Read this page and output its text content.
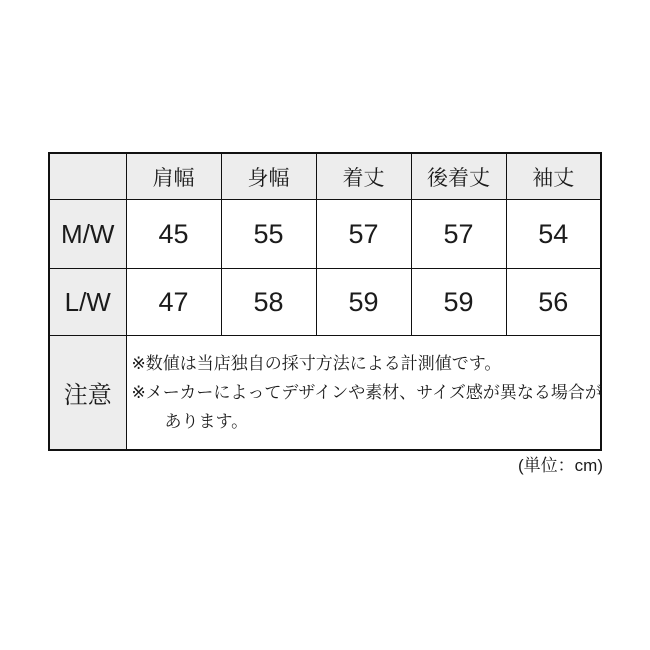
	肩幅	身幅	着丈	後着丈	袖丈
M/W	45	55	57	57	54
L/W	47	58	59	59	56
注意	※数値は当店独自の採寸方法による計測値です。
※メーカーによってデザインや素材、サイズ感が異なる場合が
あります。				
(単位：cm)
